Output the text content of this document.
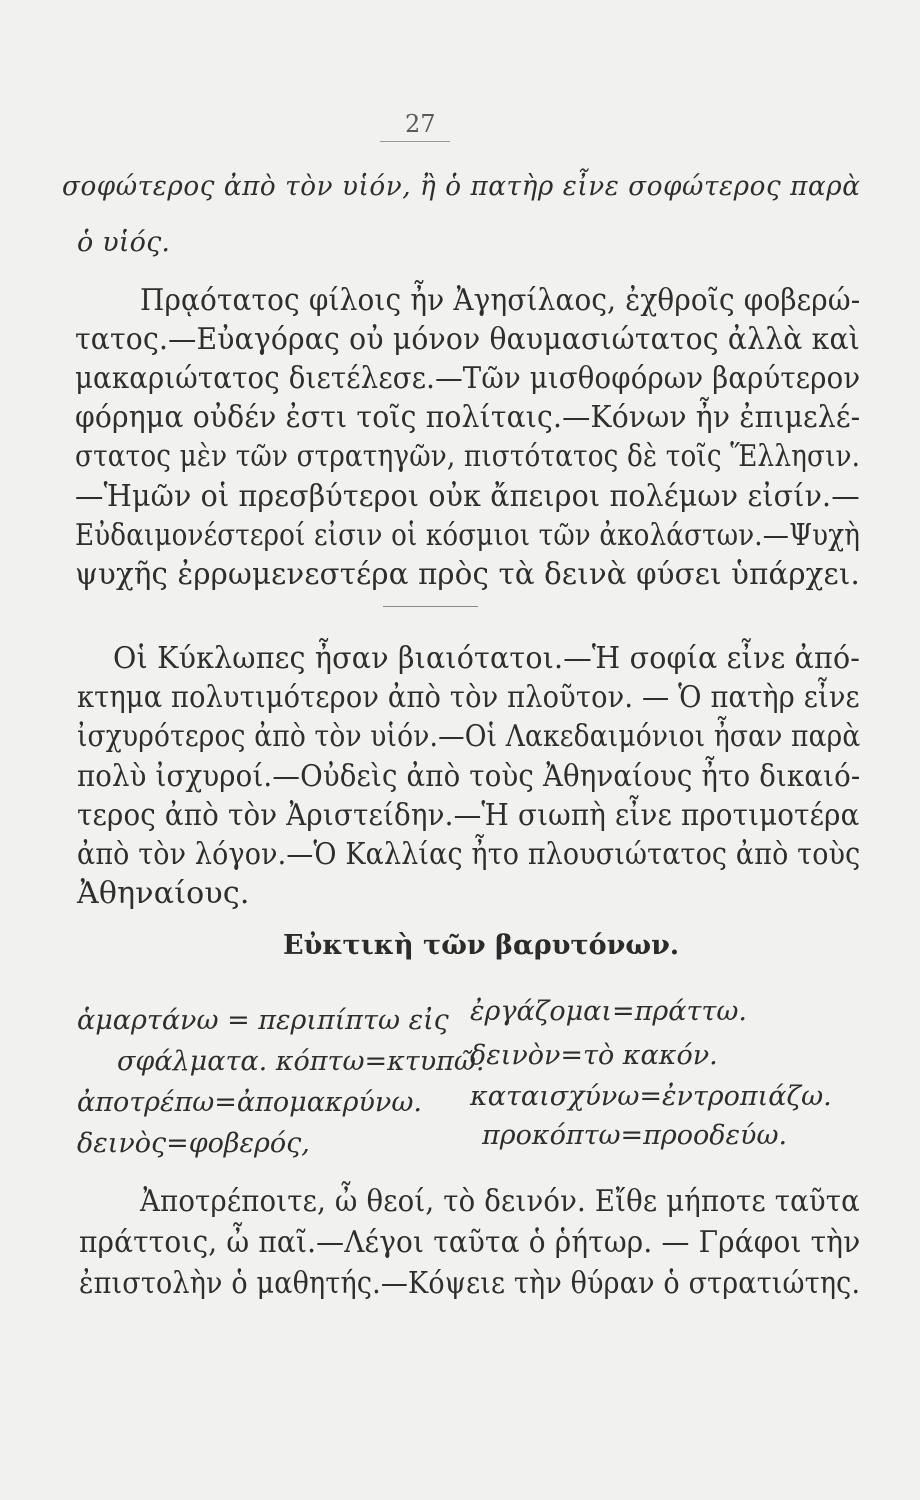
27
σοφώτερος ἀπὸ τὸν υἱόν, ἢ ὁ πατὴρ εἶνε σοφώτερος παρὰ
ὁ υἱός.
Πρᾳότατος φίλοις ἦν Ἀγησίλαος, ἐχθροῖς φοβερώ-
τατος.—Εὐαγόρας οὐ μόνον θαυμασιώτατος ἀλλὰ καὶ
μακαριώτατος διετέλεσε.—Τῶν μισθοφόρων βαρύτερον
φόρημα οὐδέν ἐστι τοῖς πολίταις.—Κόνων ἦν ἐπιμελέ-
στατος μὲν τῶν στρατηγῶν, πιστότατος δὲ τοῖς Ἕλλησιν.
—Ἡμῶν οἱ πρεσβύτεροι οὐκ ἄπειροι πολέμων εἰσίν.—
Εὐδαιμονέστεροί εἰσιν οἱ κόσμιοι τῶν ἀκολάστων.—Ψυχὴ
ψυχῆς ἐρρωμενεστέρα πρὸς τὰ δεινὰ φύσει ὑπάρχει.
Οἱ Κύκλωπες ἦσαν βιαιότατοι.—Ἡ σοφία εἶνε ἀπό-
κτημα πολυτιμότερον ἀπὸ τὸν πλοῦτον. — Ὁ πατὴρ εἶνε
ἰσχυρότερος ἀπὸ τὸν υἱόν.—Οἱ Λακεδαιμόνιοι ἦσαν παρὰ
πολὺ ἰσχυροί.—Οὐδεὶς ἀπὸ τοὺς Ἀθηναίους ἦτο δικαιό-
τερος ἀπὸ τὸν Ἀριστείδην.—Ἡ σιωπὴ εἶνε προτιμοτέρα
ἀπὸ τὸν λόγον.—Ὁ Καλλίας ἦτο πλουσιώτατος ἀπὸ τοὺς
Ἀθηναίους.
Εὐκτικὴ τῶν βαρυτόνων.
ἁμαρτάνω = περιπίπτω εἰς
σφάλματα. κόπτω=κτυπῶ.
ἀποτρέπω=ἀπομακρύνω.
δεινὸς=φοβερός,
ἐργάζομαι=πράττω.
δεινὸν=τὸ κακόν.
καταισχύνω=ἐντροπιάζω.
προκόπτω=προοδεύω.
Ἀποτρέποιτε, ὦ θεοί, τὸ δεινόν. Εἴθε μήποτε ταῦτα
πράττοις, ὦ παῖ.—Λέγοι ταῦτα ὁ ῥήτωρ. — Γράφοι τὴν
ἐπιστολὴν ὁ μαθητής.—Κόψειε τὴν θύραν ὁ στρατιώτης.
